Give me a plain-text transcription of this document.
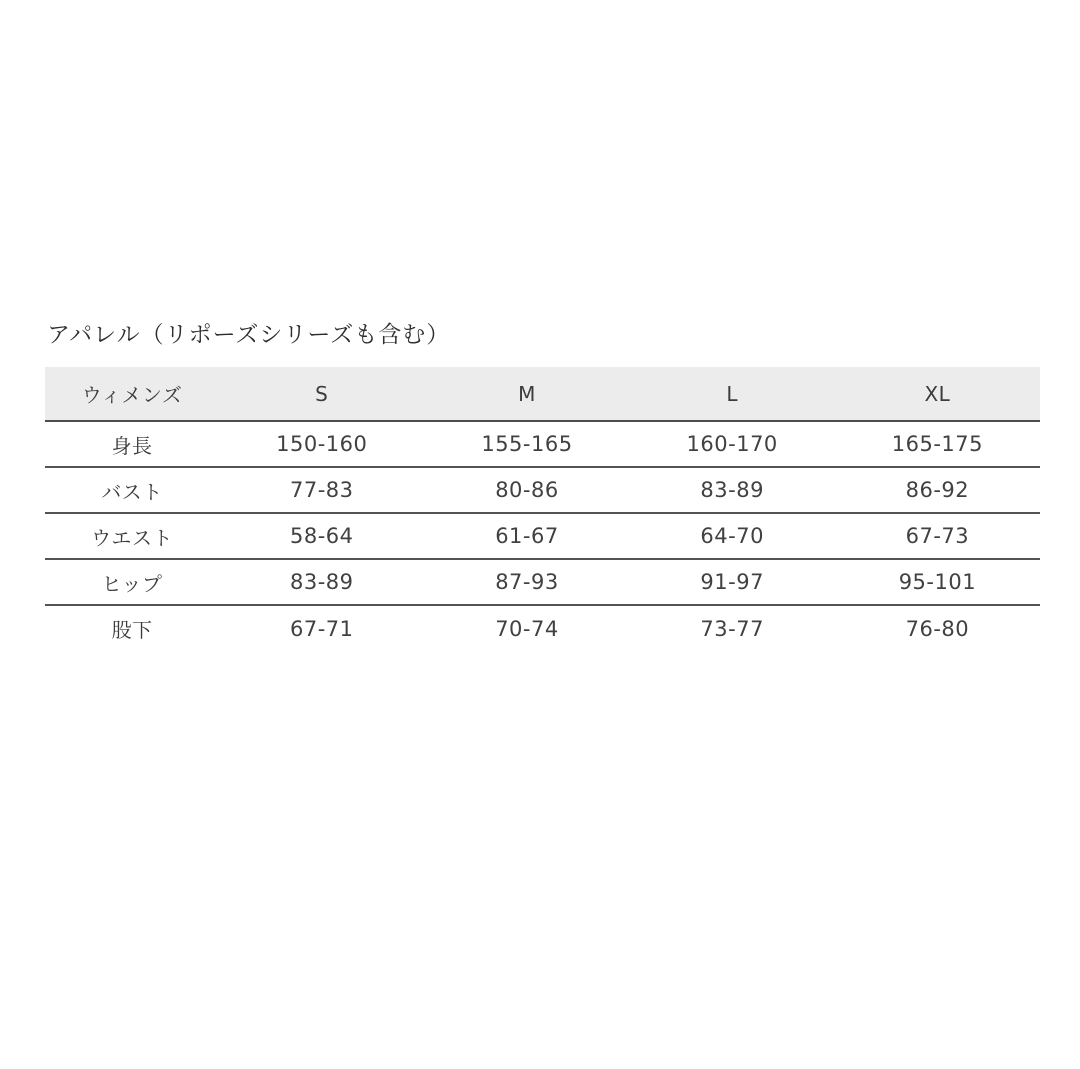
アパレル（リポーズシリーズも含む）
ウィメンズ	S	M	L	XL
身長	150-160	155-165	160-170	165-175
バスト	77-83	80-86	83-89	86-92
ウエスト	58-64	61-67	64-70	67-73
ヒップ	83-89	87-93	91-97	95-101
股下	67-71	70-74	73-77	76-80
